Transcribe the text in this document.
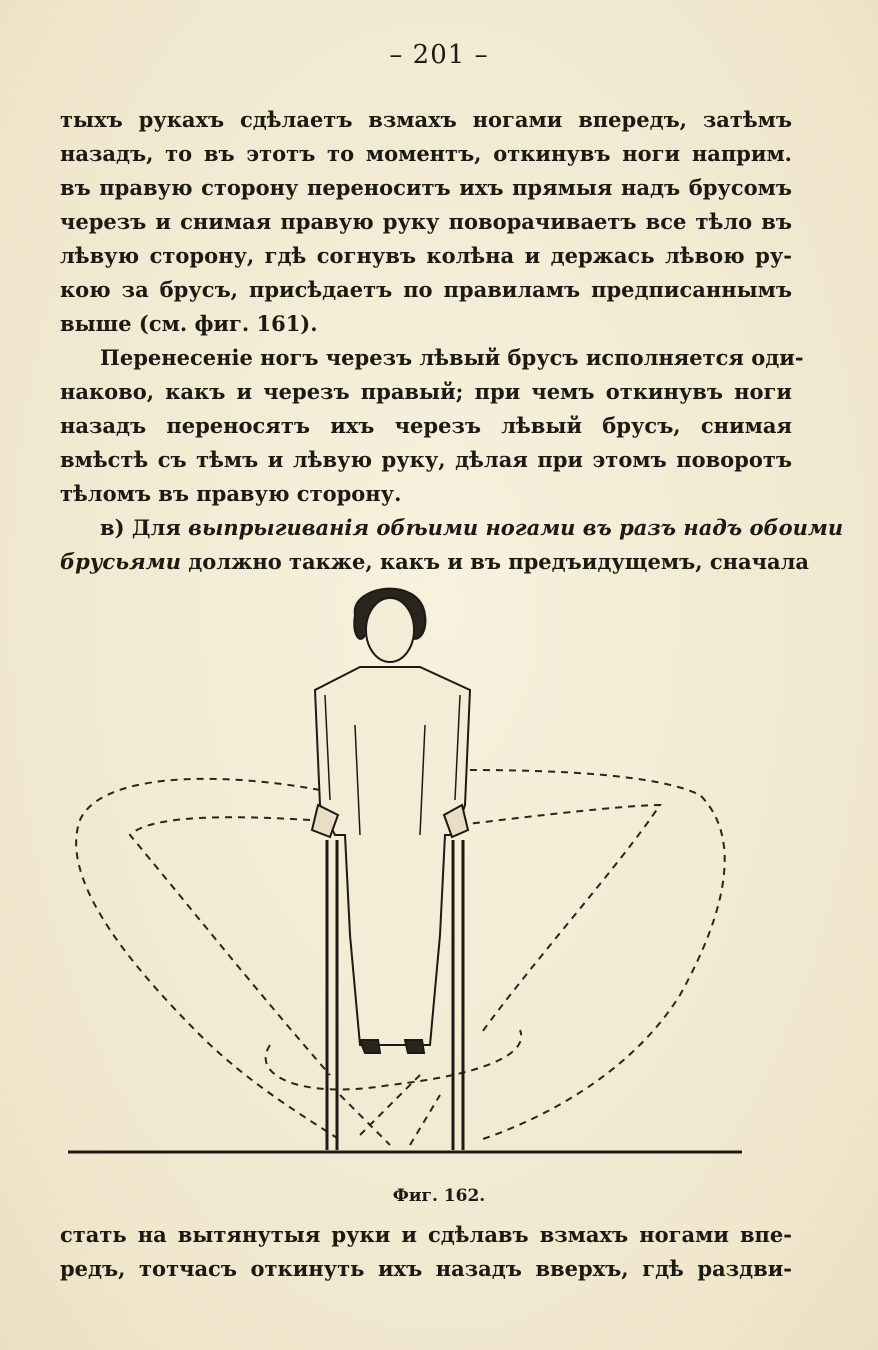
– 201 –
тыхъ рукахъ сдѣлаетъ взмахъ ногами впередъ, затѣмъ
назадъ, то въ этотъ то моментъ, откинувъ ноги наприм.
въ правую сторону переноситъ ихъ прямыя надъ брусомъ
черезъ и снимая правую руку поворачиваетъ все тѣло въ
лѣвую сторону, гдѣ согнувъ колѣна и держась лѣвою ру-
кою за брусъ, присѣдаетъ по правиламъ предписаннымъ
выше (см. фиг. 161).
Перенесеніе ногъ черезъ лѣвый брусъ исполняется оди-
наково, какъ и черезъ правый; при чемъ откинувъ ноги
назадъ переносятъ ихъ черезъ лѣвый брусъ, снимая
вмѣстѣ съ тѣмъ и лѣвую руку, дѣлая при этомъ поворотъ
тѣломъ въ правую сторону.
в) Для выпрыгиванія обѣими ногами въ разъ надъ обоими
брусьями должно также, какъ и въ предъидущемъ, сначала
Фиг. 162.
стать на вытянутыя руки и сдѣлавъ взмахъ ногами впе-
редъ, тотчасъ откинуть ихъ назадъ вверхъ, гдѣ раздви-
